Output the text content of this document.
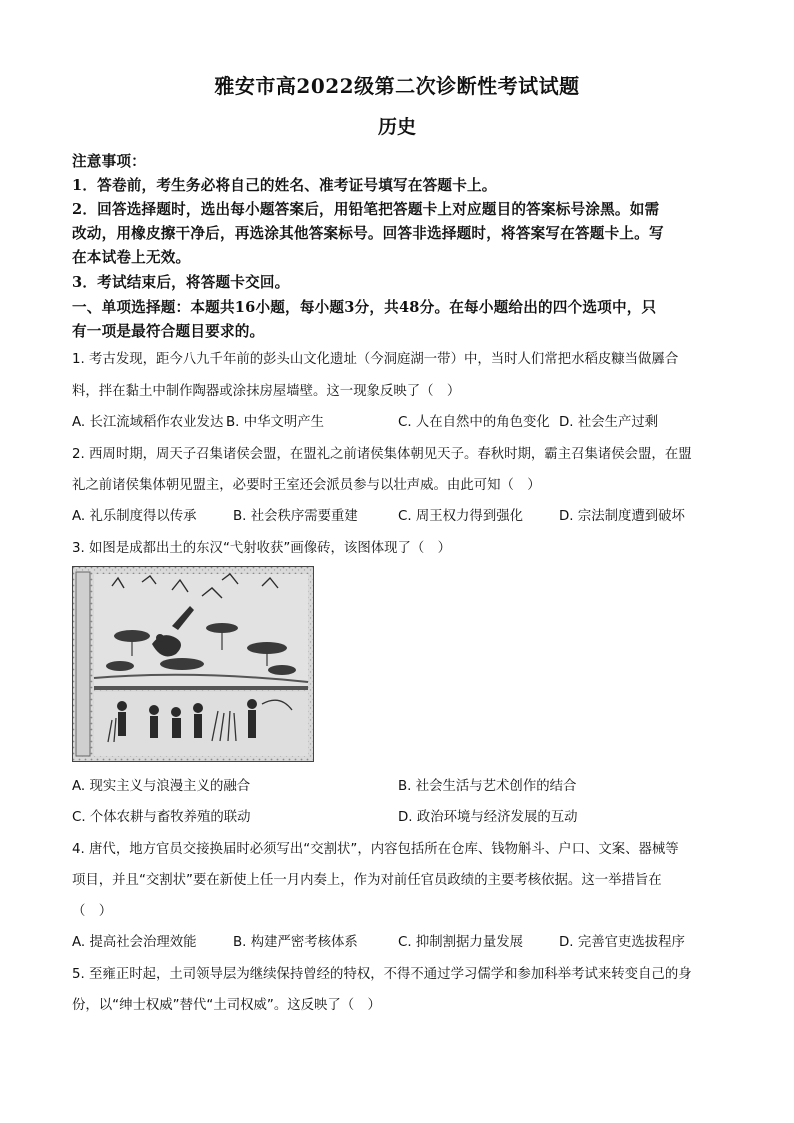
雅安市高2022级第二次诊断性考试试题
历史
注意事项：
1．答卷前，考生务必将自己的姓名、准考证号填写在答题卡上。
2．回答选择题时，选出每小题答案后，用铅笔把答题卡上对应题目的答案标号涂黑。如需
改动，用橡皮擦干净后，再选涂其他答案标号。回答非选择题时，将答案写在答题卡上。写
在本试卷上无效。
3．考试结束后，将答题卡交回。
一、单项选择题：本题共16小题，每小题3分，共48分。在每小题给出的四个选项中，只
有一项是最符合题目要求的。
1. 考古发现，距今八九千年前的彭头山文化遗址（今洞庭湖一带）中，当时人们常把水稻皮糠当做羼合
料，拌在黏土中制作陶器或涂抹房屋墙壁。这一现象反映了（　）
A. 长江流域稻作农业发达 B. 中华文明产生	C. 人在自然中的角色变化 D. 社会生产过剩
2. 西周时期，周天子召集诸侯会盟，在盟礼之前诸侯集体朝见天子。春秋时期，霸主召集诸侯会盟，在盟
礼之前诸侯集体朝见盟主，必要时王室还会派员参与以壮声威。由此可知（　）
A. 礼乐制度得以传承	B. 社会秩序需要重建	C. 周王权力得到强化	D. 宗法制度遭到破坏
3. 如图是成都出土的东汉“弋射收获”画像砖，该图体现了（　）
A. 现实主义与浪漫主义的融合	B. 社会生活与艺术创作的结合
C. 个体农耕与畜牧养殖的联动	D. 政治环境与经济发展的互动
4. 唐代，地方官员交接换届时必须写出“交割状”，内容包括所在仓库、钱物斛斗、户口、文案、器械等
项目，并且“交割状”要在新使上任一月内奏上，作为对前任官员政绩的主要考核依据。这一举措旨在
（　）
A. 提高社会治理效能	B. 构建严密考核体系	C. 抑制割据力量发展	D. 完善官吏选拔程序
5. 至雍正时起，土司领导层为继续保持曾经的特权，不得不通过学习儒学和参加科举考试来转变自己的身
份，以“绅士权威”替代“土司权威”。这反映了（　）
